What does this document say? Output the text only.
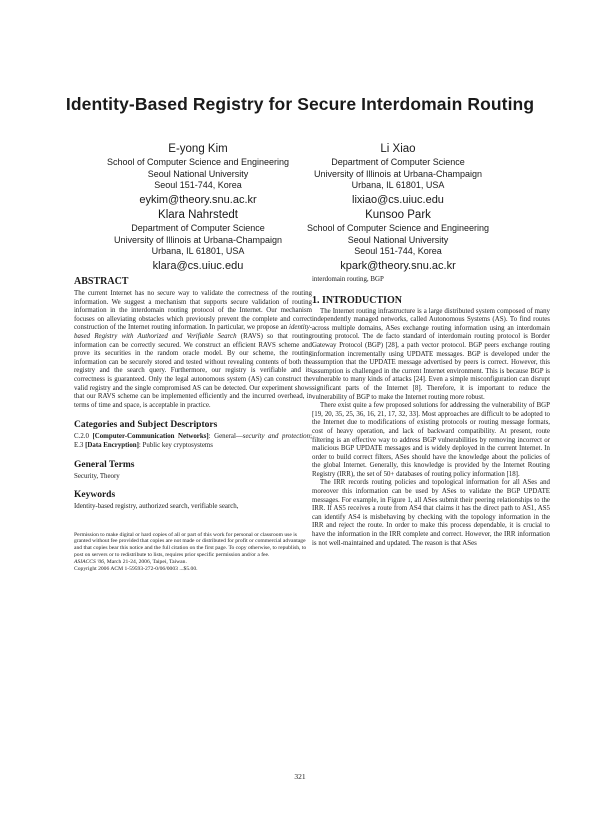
Identity-Based Registry for Secure Interdomain Routing
E-yong Kim
School of Computer Science and Engineering
Seoul National University
Seoul 151-744, Korea
eykim@theory.snu.ac.kr
Li Xiao
Department of Computer Science
University of Illinois at Urbana-Champaign
Urbana, IL 61801, USA
lixiao@cs.uiuc.edu
Klara Nahrstedt
Department of Computer Science
University of Illinois at Urbana-Champaign
Urbana, IL 61801, USA
klara@cs.uiuc.edu
Kunsoo Park
School of Computer Science and Engineering
Seoul National University
Seoul 151-744, Korea
kpark@theory.snu.ac.kr
ABSTRACT

The current Internet has no secure way to validate the correctness of the routing information. We suggest a mechanism that supports secure validation of routing information in the interdomain routing protocol of the Internet. Our mechanism focuses on alleviating obstacles which previously prevent the complete and correct construction of the Internet routing information. In particular, we propose an identity-based Registry with Authorized and Verifiable Search (RAVS) so that routing information can be correctly secured. We construct an efficient RAVS scheme and prove its securities in the random oracle model. By our scheme, the routing information can be securely stored and tested without revealing contents of both the registry and the search query. Furthermore, our registry is verifiable and its correctness is guaranteed. Only the legal autonomous system (AS) can construct the valid registry and the single compromised AS can be detected. Our experiment shows that our RAVS scheme can be implemented efficiently and the incurred overhead, in terms of time and space, is acceptable in practice.

Categories and Subject Descriptors

C.2.0 [Computer-Communication Networks]: General—security and protection; E.3 [Data Encryption]: Public key cryptosystems

General Terms

Security, Theory

Keywords

Identity-based registry, authorized search, verifiable search,

Permission to make digital or hard copies of all or part of this work for personal or classroom use is granted without fee provided that copies are not made or distributed for profit or commercial advantage and that copies bear this notice and the full citation on the first page. To copy otherwise, to republish, to post on servers or to redistribute to lists, requires prior specific permission and/or a fee.

ASIACCS '06, March 21-24, 2006, Taipei, Taiwan.

Copyright 2006 ACM 1-59593-272-0/06/0003 ...$5.00.

interdomain routing, BGP

1. INTRODUCTION

The Internet routing infrastructure is a large distributed system composed of many independently managed networks, called Autonomous Systems (AS). To find routes across multiple domains, ASes exchange routing information using an interdomain routing protocol. The de facto standard of interdomain routing protocol is Border Gateway Protocol (BGP) [28], a path vector protocol. BGP peers exchange routing information incrementally using UPDATE messages. BGP is developed under the assumption that the UPDATE message advertised by peers is correct. However, this assumption is challenged in the current Internet environment. This is because BGP is vulnerable to many kinds of attacks [24]. Even a simple misconfiguration can disrupt significant parts of the Internet [8]. Therefore, it is important to reduce the vulnerability of BGP to make the Internet routing more robust.

There exist quite a few proposed solutions for addressing the vulnerability of BGP [19, 20, 35, 25, 36, 16, 21, 17, 32, 33]. Most approaches are difficult to be adopted to the Internet due to modifications of existing protocols or routing message formats, cost of heavy operation, and lack of backward compatibility. At present, route filtering is an effective way to address BGP vulnerabilities by removing incorrect or malicious BGP UPDATE messages and is widely deployed in the current Internet. In order to build correct filters, ASes should have the knowledge about the policies of the global Internet. Generally, this knowledge is provided by the Internet Routing Registry (IRR), the set of 50+ databases of routing policy information [18].

The IRR records routing policies and topological information for all ASes and moreover this information can be used by ASes to validate the BGP UPDATE messages. For example, in Figure 1, all ASes submit their peering relationships to the IRR. If AS5 receives a route from AS4 that claims it has the direct path to AS1, AS5 can identify AS4 is misbehaving by checking with the topology information in the IRR and reject the route. In order to make this process dependable, it is crucial to have the information in the IRR complete and correct. However, the IRR information is not well-maintained and updated. The reason is that ASes

321
